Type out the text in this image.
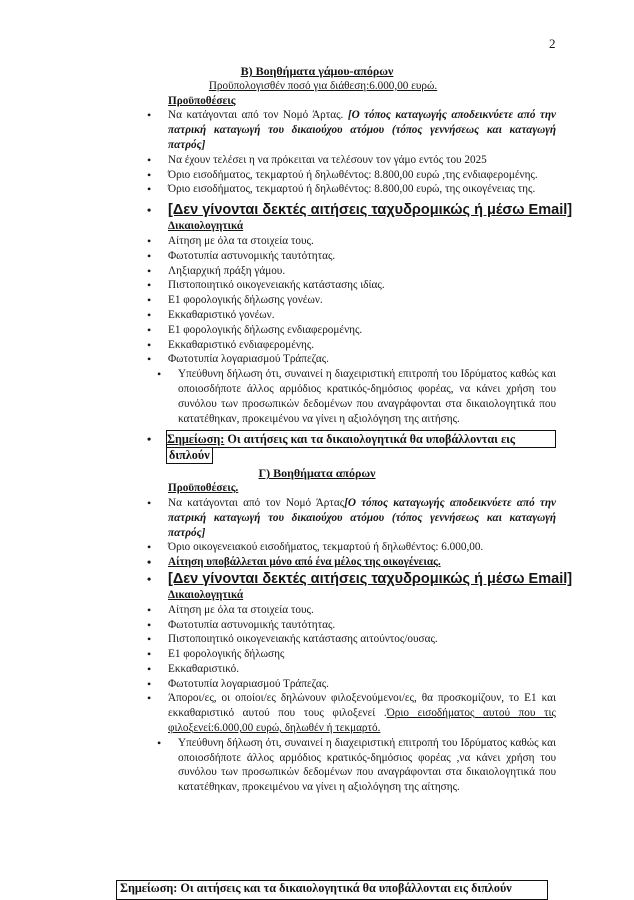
2
Β) Βοηθήματα γάμου-απόρων
Προϋπολογισθέν ποσό για διάθεση:6.000,00 ευρώ.
Προϋποθέσεις
• Να κατάγονται από τον Νομό Άρτας. [Ο τόπος καταγωγής αποδεικνύετε από την πατρική καταγωγή του δικαιούχου ατόμου (τόπος γεννήσεως και καταγωγή πατρός]
• Να έχουν τελέσει η να πρόκειται να τελέσουν τον γάμο εντός του 2025
• Όριο εισοδήματος, τεκμαρτού ή δηλωθέντος: 8.800,00 ευρώ ,της ενδιαφερομένης.
• Όριο εισοδήματος, τεκμαρτού ή δηλωθέντος: 8.800,00 ευρώ, της οικογένειας της.
• [Δεν γίνονται δεκτές αιτήσεις ταχυδρομικώς ή μέσω Email]
Δικαιολογητικά
• Αίτηση με όλα τα στοιχεία τους.
• Φωτοτυπία αστυνομικής ταυτότητας.
• Ληξιαρχική πράξη γάμου.
• Πιστοποιητικό οικογενειακής κατάστασης ιδίας.
• Ε1 φορολογικής δήλωσης γονέων.
• Εκκαθαριστικό γονέων.
• Ε1 φορολογικής δήλωσης ενδιαφερομένης.
• Εκκαθαριστικό ενδιαφερομένης.
• Φωτοτυπία λογαριασμού Τράπεζας.
• Υπεύθυνη δήλωση ότι, συναινεί η διαχειριστική επιτροπή του Ιδρύματος καθώς και οποιοσδήποτε άλλος αρμόδιος κρατικός-δημόσιος φορέας, να κάνει χρήση του συνόλου των προσωπικών δεδομένων που αναγράφονται στα δικαιολογητικά που κατατέθηκαν, προκειμένου να γίνει η αξιολόγηση της αιτήσης.
• Σημείωση: Οι αιτήσεις και τα δικαιολογητικά θα υποβάλλονται εις
διπλούν
Γ) Βοηθήματα απόρων
Προϋποθέσεις.
• Να κατάγονται από τον Νομό Άρτας[Ο τόπος καταγωγής αποδεικνύετε από την πατρική καταγωγή του δικαιούχου ατόμου (τόπος γεννήσεως και καταγωγή πατρός]
• Όριο οικογενειακού εισοδήματος, τεκμαρτού ή δηλωθέντος: 6.000,00.
• Αίτηση υποβάλλεται μόνο από ένα μέλος της οικογένειας.
• [Δεν γίνονται δεκτές αιτήσεις ταχυδρομικώς ή μέσω Email]
Δικαιολογητικά
• Αίτηση με όλα τα στοιχεία τους.
• Φωτοτυπία αστυνομικής ταυτότητας.
• Πιστοποιητικό οικογενειακής κατάστασης αιτούντος/ουσας.
• Ε1 φορολογικής δήλωσης
• Εκκαθαριστικό.
• Φωτοτυπία λογαριασμού Τράπεζας.
• Άποροι/ες, οι οποίοι/ες δηλώνουν φιλοξενούμενοι/ες, θα προσκομίζουν, το Ε1 και εκκαθαριστικό αυτού που τους φιλοξενεί .Όριο εισοδήματος αυτού που τις φιλοξενεί:6.000,00 ευρώ, δηλωθέν ή τεκμαρτό.
• Υπεύθυνη δήλωση ότι, συναινεί η διαχειριστική επιτροπή του Ιδρύματος καθώς και οποιοσδήποτε άλλος αρμόδιος κρατικός-δημόσιος φορέας ,να κάνει χρήση του συνόλου των προσωπικών δεδομένων που αναγράφονται στα δικαιολογητικά που κατατέθηκαν, προκειμένου να γίνει η αξιολόγηση της αίτησης.
Σημείωση: Οι αιτήσεις και τα δικαιολογητικά θα υποβάλλονται εις διπλούν
